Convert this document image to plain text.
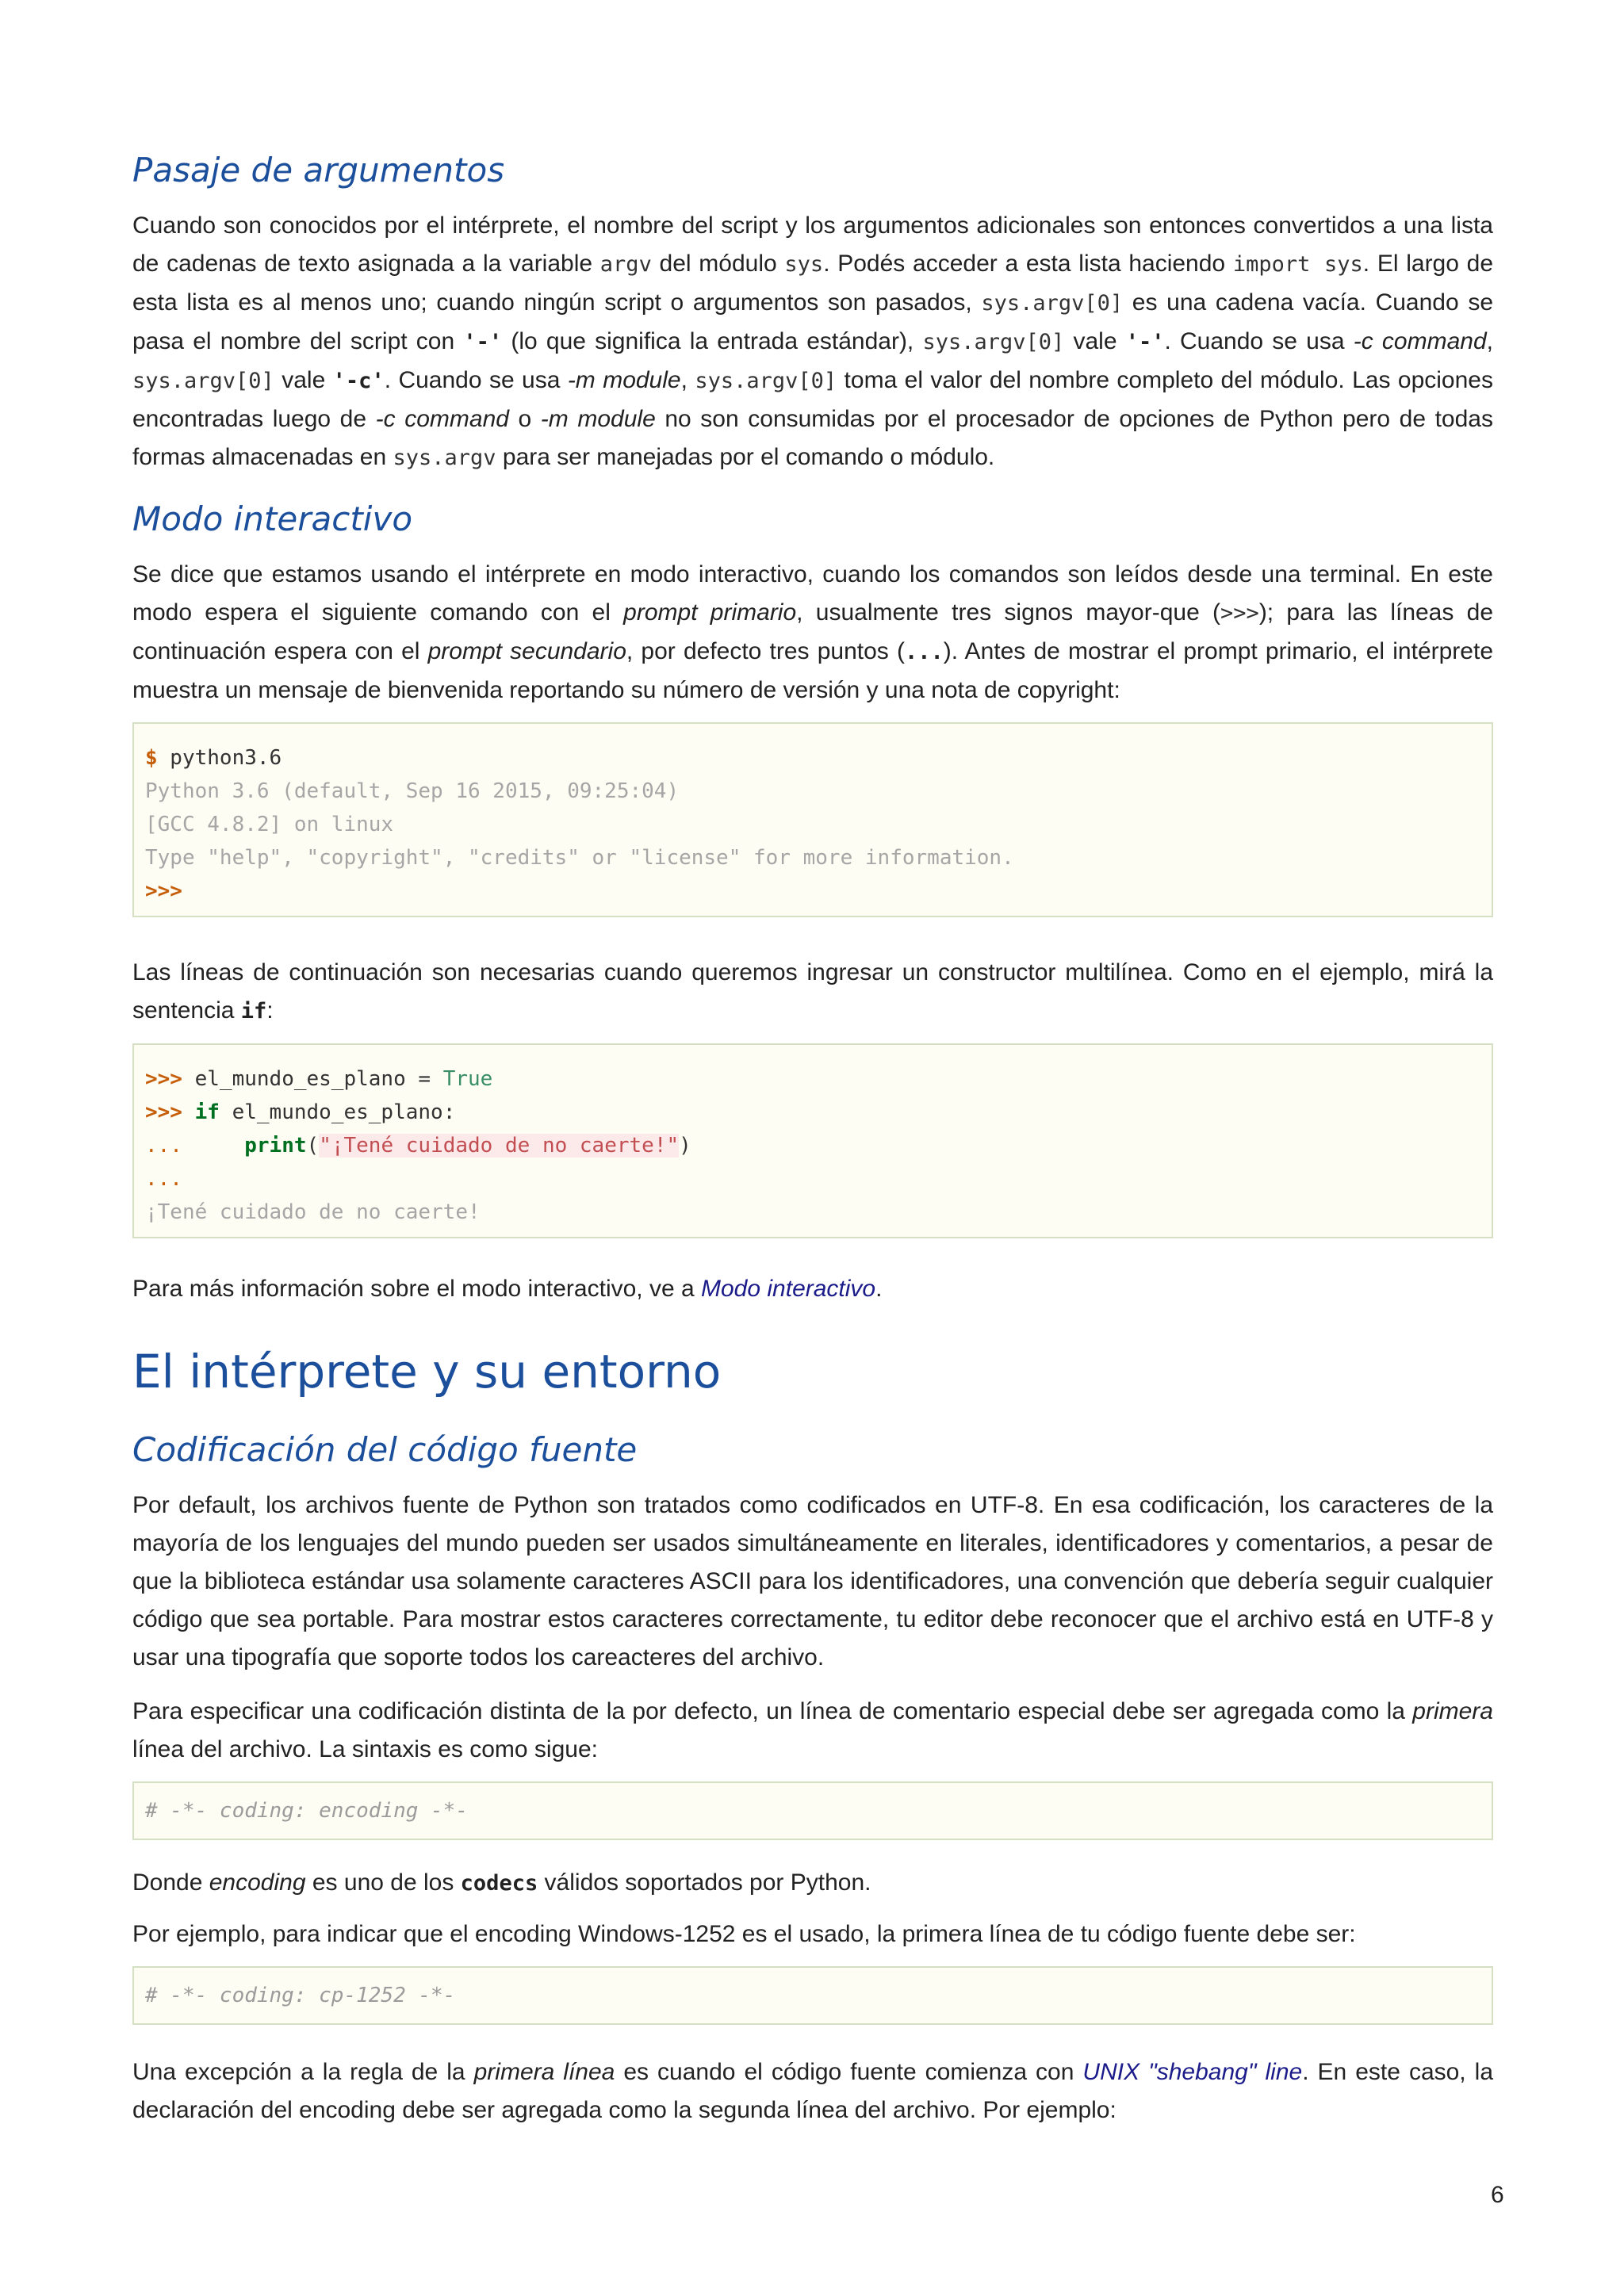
Pasaje de argumentos

Cuando son conocidos por el intérprete, el nombre del script y los argumentos adicionales son entonces convertidos a una lista de cadenas de texto asignada a la variable argv del módulo sys. Podés acceder a esta lista haciendo import sys. El largo de esta lista es al menos uno; cuando ningún script o argumentos son pasados, sys.argv[0] es una cadena vacía. Cuando se pasa el nombre del script con '-' (lo que significa la entrada estándar), sys.argv[0] vale '-'. Cuando se usa -c command, sys.argv[0] vale '-c'. Cuando se usa -m module, sys.argv[0] toma el valor del nombre completo del módulo. Las opciones encontradas luego de -c command o -m module no son consumidas por el procesador de opciones de Python pero de todas formas almacenadas en sys.argv para ser manejadas por el comando o módulo.

Modo interactivo

Se dice que estamos usando el intérprete en modo interactivo, cuando los comandos son leídos desde una terminal. En este modo espera el siguiente comando con el prompt primario, usualmente tres signos mayor-que (>>>); para las líneas de continuación espera con el prompt secundario, por defecto tres puntos (...). Antes de mostrar el prompt primario, el intérprete muestra un mensaje de bienvenida reportando su número de versión y una nota de copyright:

$ python3.6
Python 3.6 (default, Sep 16 2015, 09:25:04)
[GCC 4.8.2] on linux
Type "help", "copyright", "credits" or "license" for more information.
>>>

Las líneas de continuación son necesarias cuando queremos ingresar un constructor multilínea. Como en el ejemplo, mirá la sentencia if:

>>> el_mundo_es_plano = True
>>> if el_mundo_es_plano:
...	print("¡Tené cuidado de no caerte!")
...
¡Tené cuidado de no caerte!

Para más información sobre el modo interactivo, ve a Modo interactivo.

El intérprete y su entorno
Codificación del código fuente

Por default, los archivos fuente de Python son tratados como codificados en UTF-8. En esa codificación, los caracteres de la mayoría de los lenguajes del mundo pueden ser usados simultáneamente en literales, identificadores y comentarios, a pesar de que la biblioteca estándar usa solamente caracteres ASCII para los identificadores, una convención que debería seguir cualquier código que sea portable. Para mostrar estos caracteres correctamente, tu editor debe reconocer que el archivo está en UTF-8 y usar una tipografía que soporte todos los careacteres del archivo.

Para especificar una codificación distinta de la por defecto, un línea de comentario especial debe ser agregada como la primera línea del archivo. La sintaxis es como sigue:

# -*- coding: encoding -*-

Donde encoding es uno de los codecs válidos soportados por Python.

Por ejemplo, para indicar que el encoding Windows-1252 es el usado, la primera línea de tu código fuente debe ser:

# -*- coding: cp-1252 -*-

Una excepción a la regla de la primera línea es cuando el código fuente comienza con UNIX "shebang" line. En este caso, la declaración del encoding debe ser agregada como la segunda línea del archivo. Por ejemplo:

6
